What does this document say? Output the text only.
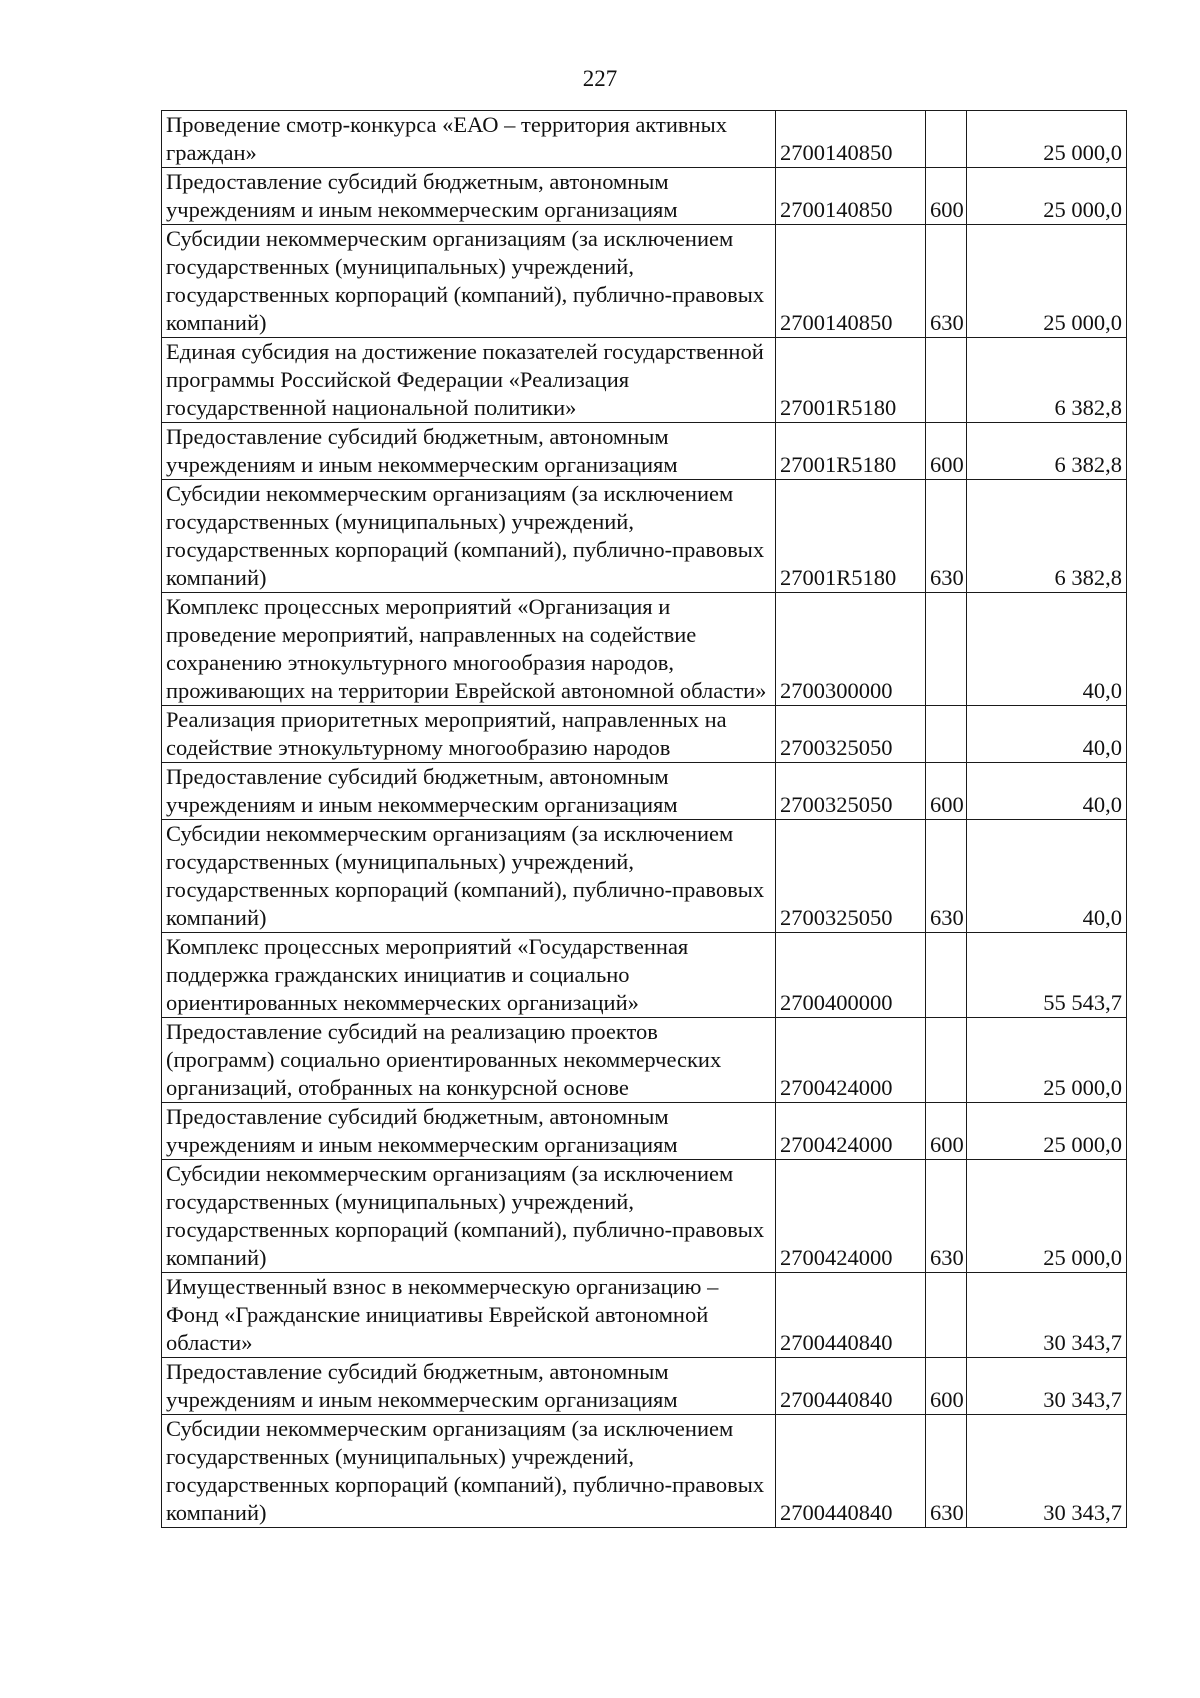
227
Проведение смотр-конкурса «ЕАО – территория активных граждан»	2700140850		25 000,0
Предоставление субсидий бюджетным, автономным учреждениям и иным некоммерческим организациям	2700140850	600	25 000,0
Субсидии некоммерческим организациям (за исключением государственных (муниципальных) учреждений, государственных корпораций (компаний), публично-правовых компаний)	2700140850	630	25 000,0
Единая субсидия на достижение показателей государственной программы Российской Федерации «Реализация государственной национальной политики»	27001R5180		6 382,8
Предоставление субсидий бюджетным, автономным учреждениям и иным некоммерческим организациям	27001R5180	600	6 382,8
Субсидии некоммерческим организациям (за исключением государственных (муниципальных) учреждений, государственных корпораций (компаний), публично-правовых компаний)	27001R5180	630	6 382,8
Комплекс процессных мероприятий «Организация и проведение мероприятий, направленных на содействие сохранению этнокультурного многообразия народов, проживающих на территории Еврейской автономной области»	2700300000		40,0
Реализация приоритетных мероприятий, направленных на содействие этнокультурному многообразию народов	2700325050		40,0
Предоставление субсидий бюджетным, автономным учреждениям и иным некоммерческим организациям	2700325050	600	40,0
Субсидии некоммерческим организациям (за исключением государственных (муниципальных) учреждений, государственных корпораций (компаний), публично-правовых компаний)	2700325050	630	40,0
Комплекс процессных мероприятий «Государственная поддержка гражданских инициатив и социально ориентированных некоммерческих организаций»	2700400000		55 543,7
Предоставление субсидий на реализацию проектов (программ) социально ориентированных некоммерческих организаций, отобранных на конкурсной основе	2700424000		25 000,0
Предоставление субсидий бюджетным, автономным учреждениям и иным некоммерческим организациям	2700424000	600	25 000,0
Субсидии некоммерческим организациям (за исключением государственных (муниципальных) учреждений, государственных корпораций (компаний), публично-правовых компаний)	2700424000	630	25 000,0
Имущественный взнос в некоммерческую организацию – Фонд «Гражданские инициативы Еврейской автономной области»	2700440840		30 343,7
Предоставление субсидий бюджетным, автономным учреждениям и иным некоммерческим организациям	2700440840	600	30 343,7
Субсидии некоммерческим организациям (за исключением государственных (муниципальных) учреждений, государственных корпораций (компаний), публично-правовых компаний)	2700440840	630	30 343,7
